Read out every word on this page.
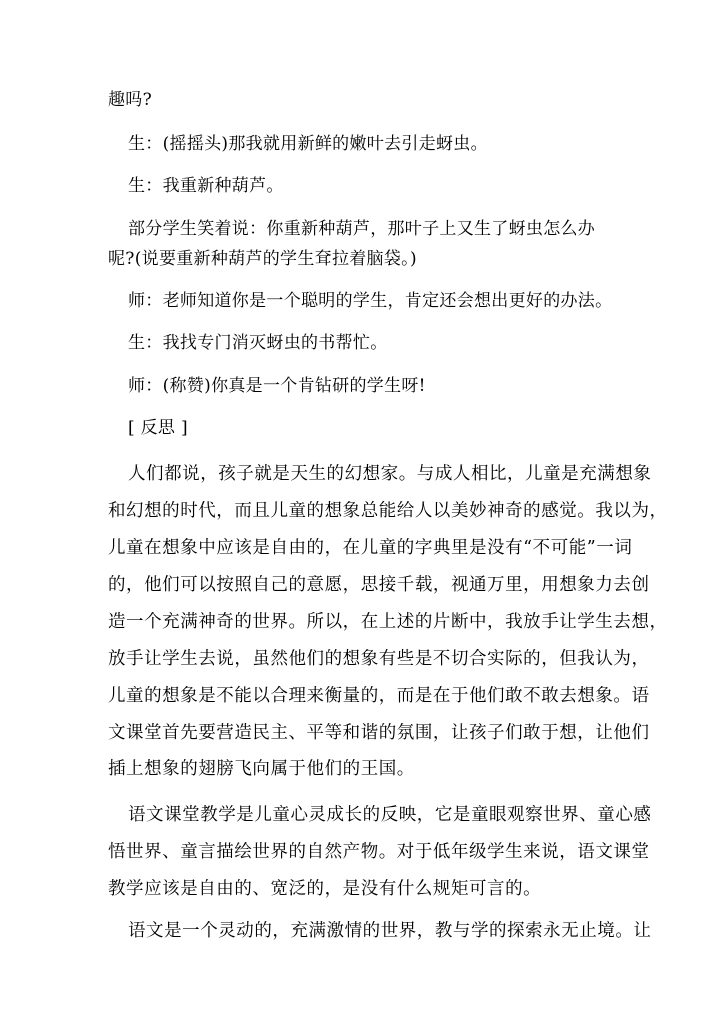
趣吗?
生：(摇摇头)那我就用新鲜的嫩叶去引走蚜虫。
生：我重新种葫芦。
部分学生笑着说：你重新种葫芦，那叶子上又生了蚜虫怎么办
呢?(说要重新种葫芦的学生耷拉着脑袋。)
师：老师知道你是一个聪明的学生，肯定还会想出更好的办法。
生：我找专门消灭蚜虫的书帮忙。
师：(称赞)你真是一个肯钻研的学生呀!
[ 反思 ]
人们都说，孩子就是天生的幻想家。与成人相比，儿童是充满想象
和幻想的时代，而且儿童的想象总能给人以美妙神奇的感觉。我以为，
儿童在想象中应该是自由的，在儿童的字典里是没有“不可能”一词
的，他们可以按照自己的意愿，思接千载，视通万里，用想象力去创
造一个充满神奇的世界。所以，在上述的片断中，我放手让学生去想，
放手让学生去说，虽然他们的想象有些是不切合实际的，但我认为，
儿童的想象是不能以合理来衡量的，而是在于他们敢不敢去想象。语
文课堂首先要营造民主、平等和谐的氛围，让孩子们敢于想，让他们
插上想象的翅膀飞向属于他们的王国。
语文课堂教学是儿童心灵成长的反映，它是童眼观察世界、童心感
悟世界、童言描绘世界的自然产物。对于低年级学生来说，语文课堂
教学应该是自由的、宽泛的，是没有什么规矩可言的。
语文是一个灵动的，充满激情的世界，教与学的探索永无止境。让
